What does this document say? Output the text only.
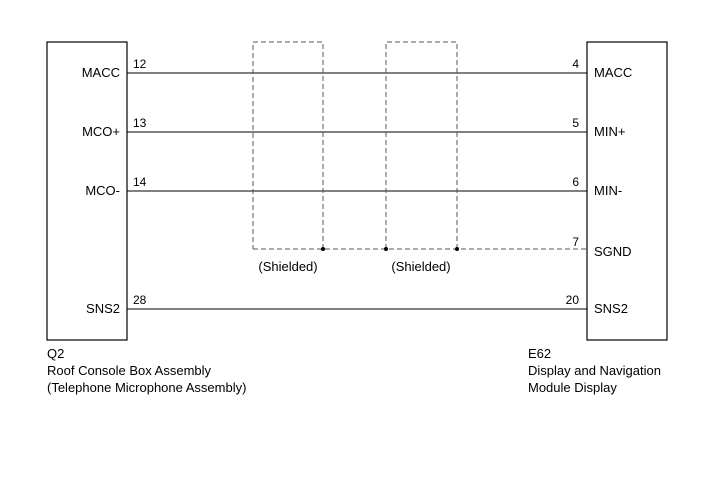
MACC
12	4
MACC
MCO+
13	5
MIN+
MCO-
14	6
MIN-
SNS2
28	20
SNS2
7
SGND
(Shielded)	(Shielded)
Q2
Roof Console Box Assembly
(Telephone Microphone Assembly)
E62
Display and Navigation
Module Display
